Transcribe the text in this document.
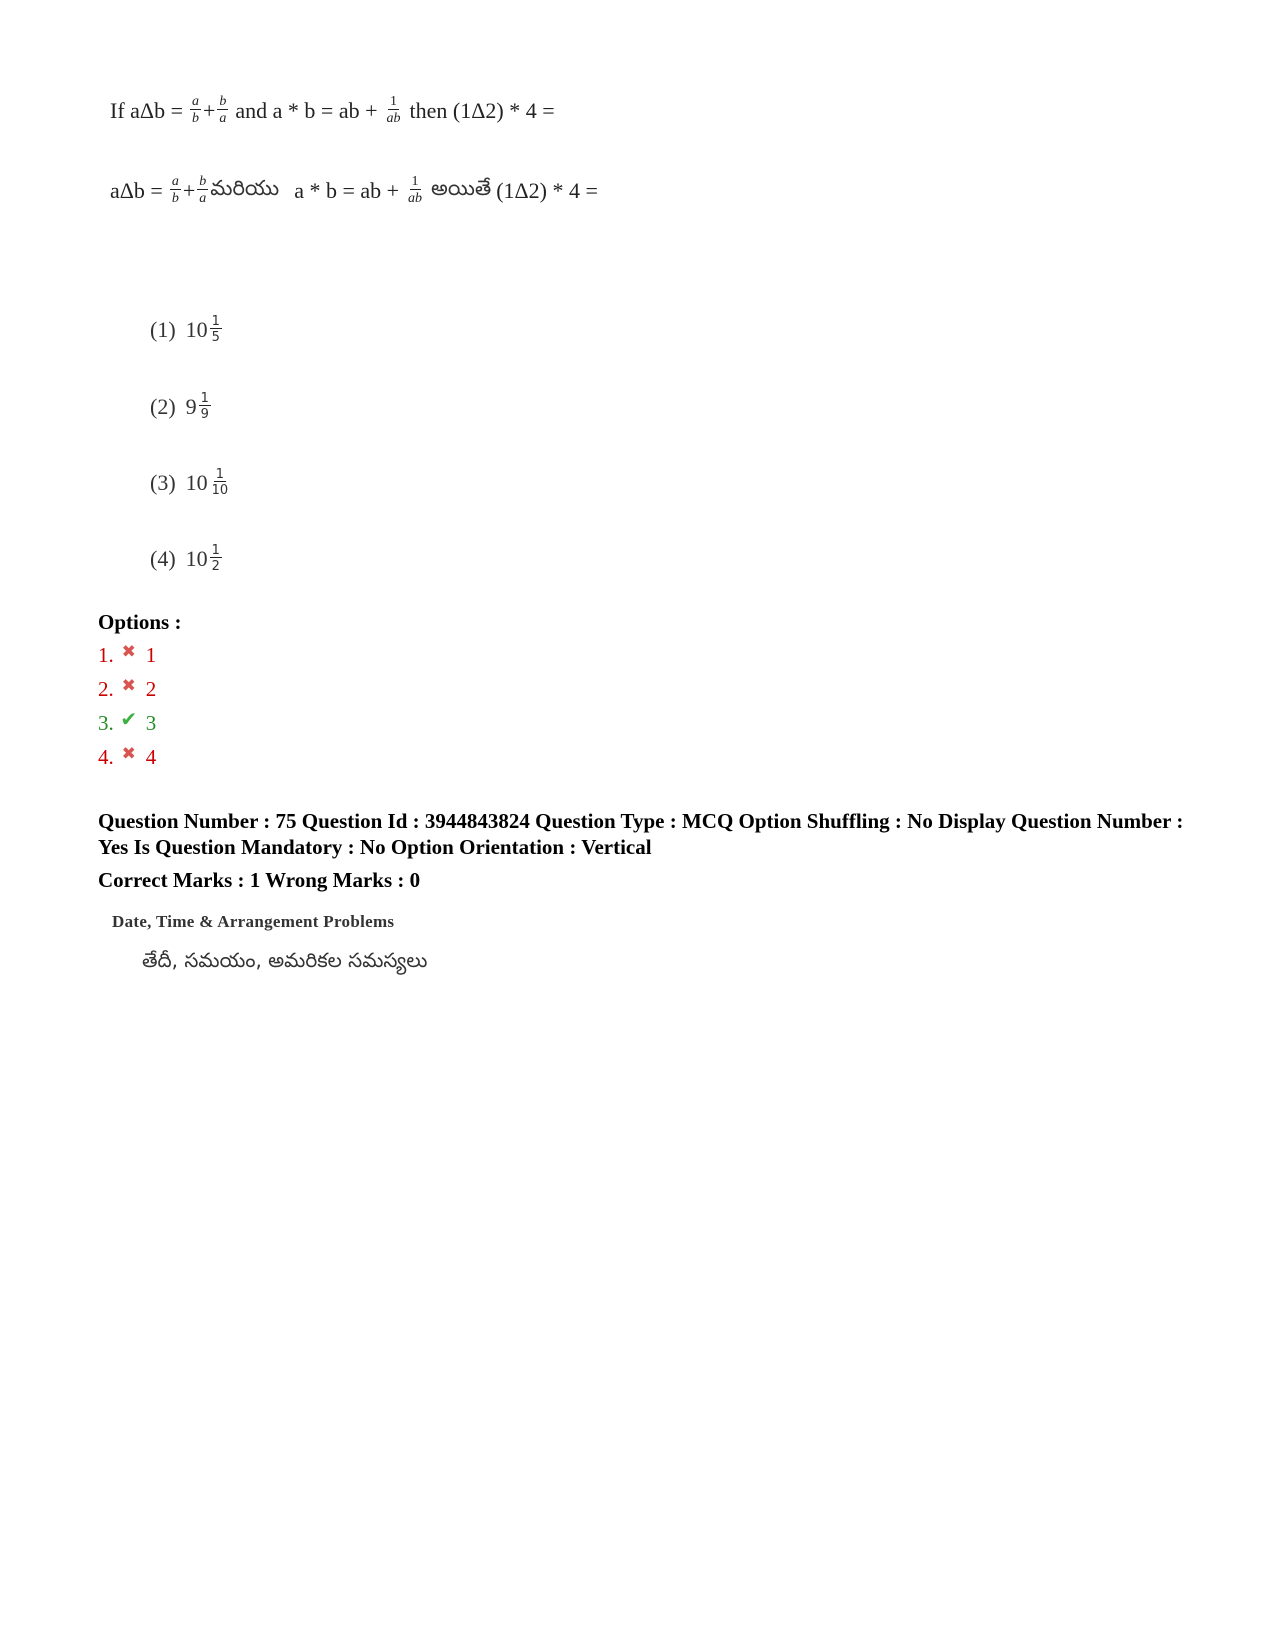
If $a\Delta b = \frac{a}{b} + \frac{b}{a}$ and a * b = ab + $\frac{1}{ab}$ then (1Δ2) * 4 =
$a\Delta b = \frac{a}{b} + \frac{b}{a}$ మరియు a * b = ab + $\frac{1}{ab}$ అయితే (1Δ2) * 4 =
(1) $10 \frac{1}{5}$
(2) $9 \frac{1}{9}$
(3) $10 \frac{1}{10}$
(4) $10 \frac{1}{2}$
Options :
1. ✖ 1
2. ✖ 2
3. ✔ 3
4. ✖ 4
Question Number : 75 Question Id : 3944843824 Question Type : MCQ Option Shuffling : No Display Question Number : Yes Is Question Mandatory : No Option Orientation : Vertical
Correct Marks : 1 Wrong Marks : 0
Date, Time & Arrangement Problems
తేదీ, సమయం, అమరికల సమస్యలు
